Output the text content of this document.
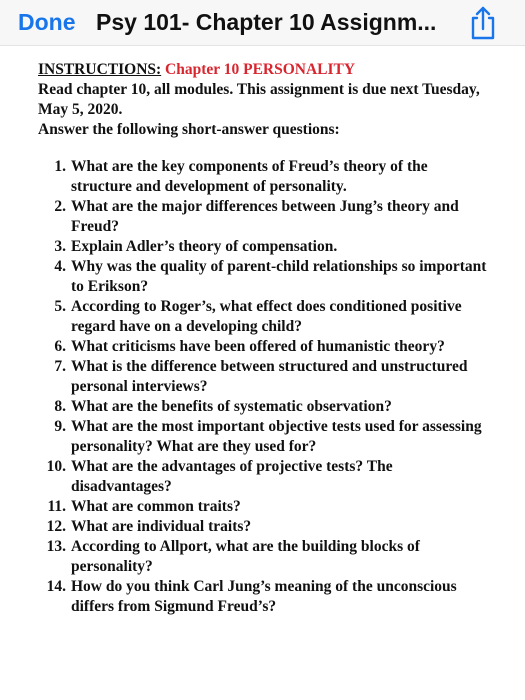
Done Psy 101- Chapter 10 Assignm...

INSTRUCTIONS: Chapter 10 PERSONALITY

Read chapter 10, all modules. This assignment is due next Tuesday, May 5, 2020.

Answer the following short-answer questions:

1. What are the key components of Freud’s theory of the structure and development of personality.
2. What are the major differences between Jung’s theory and Freud?
3. Explain Adler’s theory of compensation.
4. Why was the quality of parent-child relationships so important to Erikson?
5. According to Roger’s, what effect does conditioned positive regard have on a developing child?
6. What criticisms have been offered of humanistic theory?
7. What is the difference between structured and unstructured personal interviews?
8. What are the benefits of systematic observation?
9. What are the most important objective tests used for assessing personality? What are they used for?
10. What are the advantages of projective tests? The disadvantages?
11. What are common traits?
12. What are individual traits?
13. According to Allport, what are the building blocks of personality?
14. How do you think Carl Jung’s meaning of the unconscious differs from Sigmund Freud’s?
